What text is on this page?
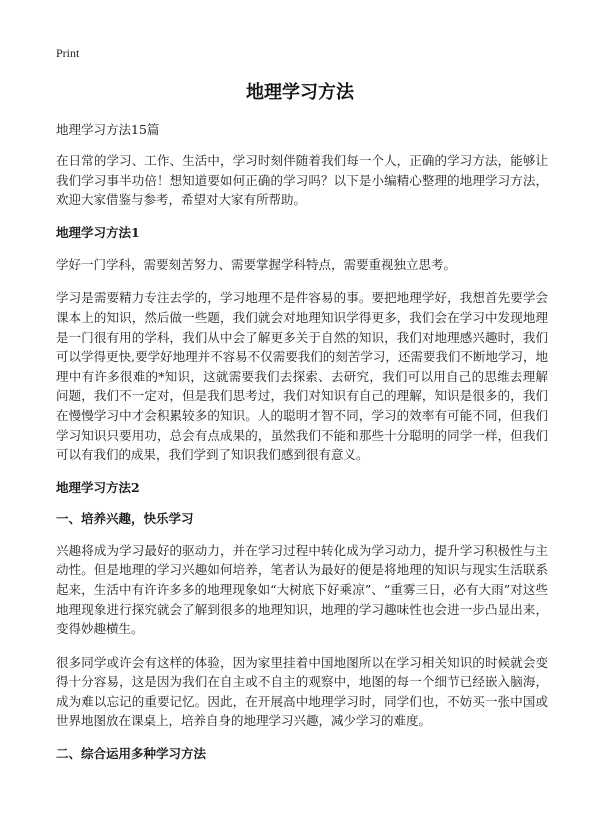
Print
地理学习方法
地理学习方法15篇

在日常的学习、工作、生活中，学习时刻伴随着我们每一个人，正确的学习方法，能够让我们学习事半功倍！想知道要如何正确的学习吗？以下是小编精心整理的地理学习方法，欢迎大家借鉴与参考，希望对大家有所帮助。

地理学习方法1

学好一门学科，需要刻苦努力、需要掌握学科特点，需要重视独立思考。

学习是需要精力专注去学的，学习地理不是件容易的事。要把地理学好，我想首先要学会课本上的知识，然后做一些题，我们就会对地理知识学得更多，我们会在学习中发现地理是一门很有用的学科，我们从中会了解更多关于自然的知识，我们对地理感兴趣时，我们可以学得更快,要学好地理并不容易不仅需要我们的刻苦学习，还需要我们不断地学习，地理中有许多很难的*知识，这就需要我们去探索、去研究，我们可以用自己的思维去理解问题，我们不一定对，但是我们思考过，我们对知识有自己的理解，知识是很多的，我们在慢慢学习中才会积累较多的知识。人的聪明才智不同，学习的效率有可能不同，但我们学习知识只要用功，总会有点成果的，虽然我们不能和那些十分聪明的同学一样，但我们可以有我们的成果，我们学到了知识我们感到很有意义。

地理学习方法2
一、培养兴趣，快乐学习

兴趣将成为学习最好的驱动力，并在学习过程中转化成为学习动力，提升学习积极性与主动性。但是地理的学习兴趣如何培养，笔者认为最好的便是将地理的知识与现实生活联系起来，生活中有许许多多的地理现象如“大树底下好乘凉”、“重雾三日，必有大雨”对这些地理现象进行探究就会了解到很多的地理知识，地理的学习趣味性也会进一步凸显出来，变得妙趣横生。

很多同学或许会有这样的体验，因为家里挂着中国地图所以在学习相关知识的时候就会变得十分容易，这是因为我们在自主或不自主的观察中，地图的每一个细节已经嵌入脑海，成为难以忘记的重要记忆。因此，在开展高中地理学习时，同学们也，不妨买一张中国或世界地图放在课桌上，培养自身的地理学习兴趣，减少学习的难度。

二、综合运用多种学习方法
